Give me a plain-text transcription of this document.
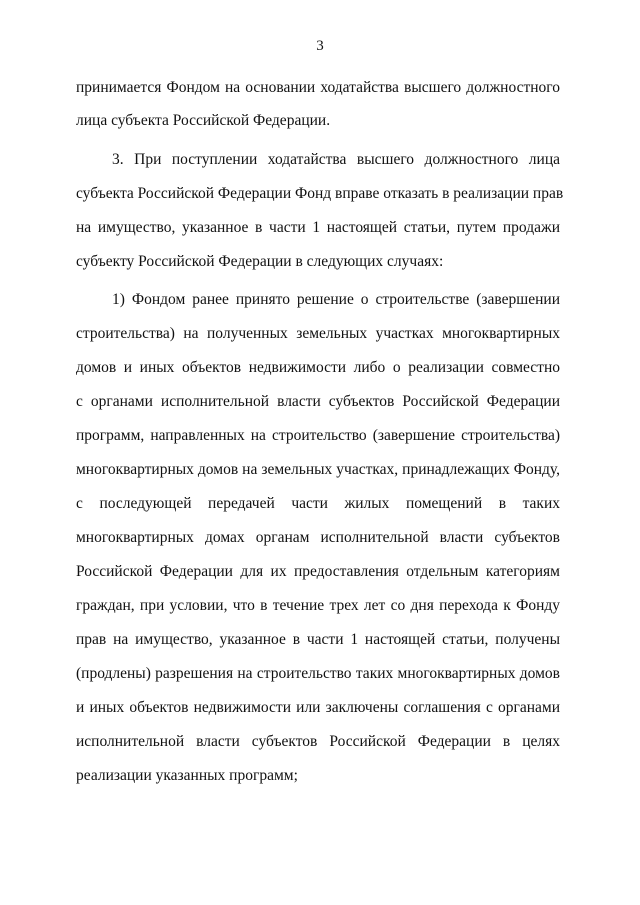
3
принимается Фондом на основании ходатайства высшего должностного
лица субъекта Российской Федерации.
3. При поступлении ходатайства высшего должностного лица
субъекта Российской Федерации Фонд вправе отказать в реализации прав
на имущество, указанное в части 1 настоящей статьи, путем продажи
субъекту Российской Федерации в следующих случаях:
1) Фондом ранее принято решение о строительстве (завершении
строительства) на полученных земельных участках многоквартирных
домов и иных объектов недвижимости либо о реализации совместно
с органами исполнительной власти субъектов Российской Федерации
программ, направленных на строительство (завершение строительства)
многоквартирных домов на земельных участках, принадлежащих Фонду,
с последующей передачей части жилых помещений в таких
многоквартирных домах органам исполнительной власти субъектов
Российской Федерации для их предоставления отдельным категориям
граждан, при условии, что в течение трех лет со дня перехода к Фонду
прав на имущество, указанное в части 1 настоящей статьи, получены
(продлены) разрешения на строительство таких многоквартирных домов
и иных объектов недвижимости или заключены соглашения с органами
исполнительной власти субъектов Российской Федерации в целях
реализации указанных программ;
